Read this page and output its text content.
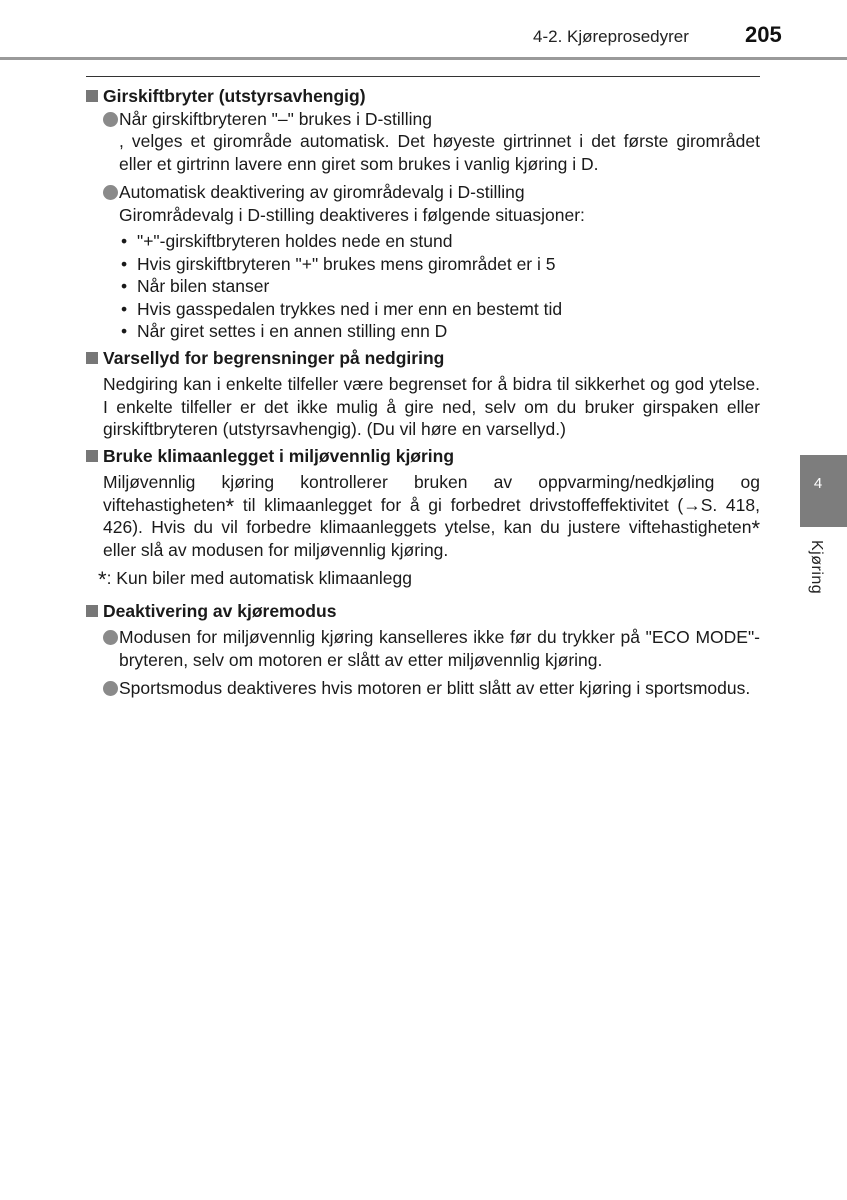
4-2. Kjøreprosedyrer	205
4
Kjøring
Girskiftbryter (utstyrsavhengig)

Når girskiftbryteren "–" brukes i D-stilling

, velges et girområde automatisk. Det høyeste girtrinnet i det første girområdet eller et girtrinn lavere enn giret som brukes i vanlig kjøring i D.

Automatisk deaktivering av girområdevalg i D-stilling

Girområdevalg i D-stilling deaktiveres i følgende situasjoner:

• "+"-girskiftbryteren holdes nede en stund
• Hvis girskiftbryteren "+" brukes mens girområdet er i 5
• Når bilen stanser
• Hvis gasspedalen trykkes ned i mer enn en bestemt tid
• Når giret settes i en annen stilling enn D
Varsellyd for begrensninger på nedgiring

Nedgiring kan i enkelte tilfeller være begrenset for å bidra til sikkerhet og god ytelse. I enkelte tilfeller er det ikke mulig å gire ned, selv om du bruker girspaken eller girskiftbryteren (utstyrsavhengig). (Du vil høre en varsellyd.)

Bruke klimaanlegget i miljøvennlig kjøring

Miljøvennlig kjøring kontrollerer bruken av oppvarming/nedkjøling og viftehastigheten* til klimaanlegget for å gi forbedret drivstoffeffektivitet (→S. 418, 426). Hvis du vil forbedre klimaanleggets ytelse, kan du justere viftehastigheten* eller slå av modusen for miljøvennlig kjøring.

*: Kun biler med automatisk klimaanlegg

Deaktivering av kjøremodus

Modusen for miljøvennlig kjøring kanselleres ikke før du trykker på "ECO MODE"-bryteren, selv om motoren er slått av etter miljøvennlig kjøring.

Sportsmodus deaktiveres hvis motoren er blitt slått av etter kjøring i sportsmodus.
